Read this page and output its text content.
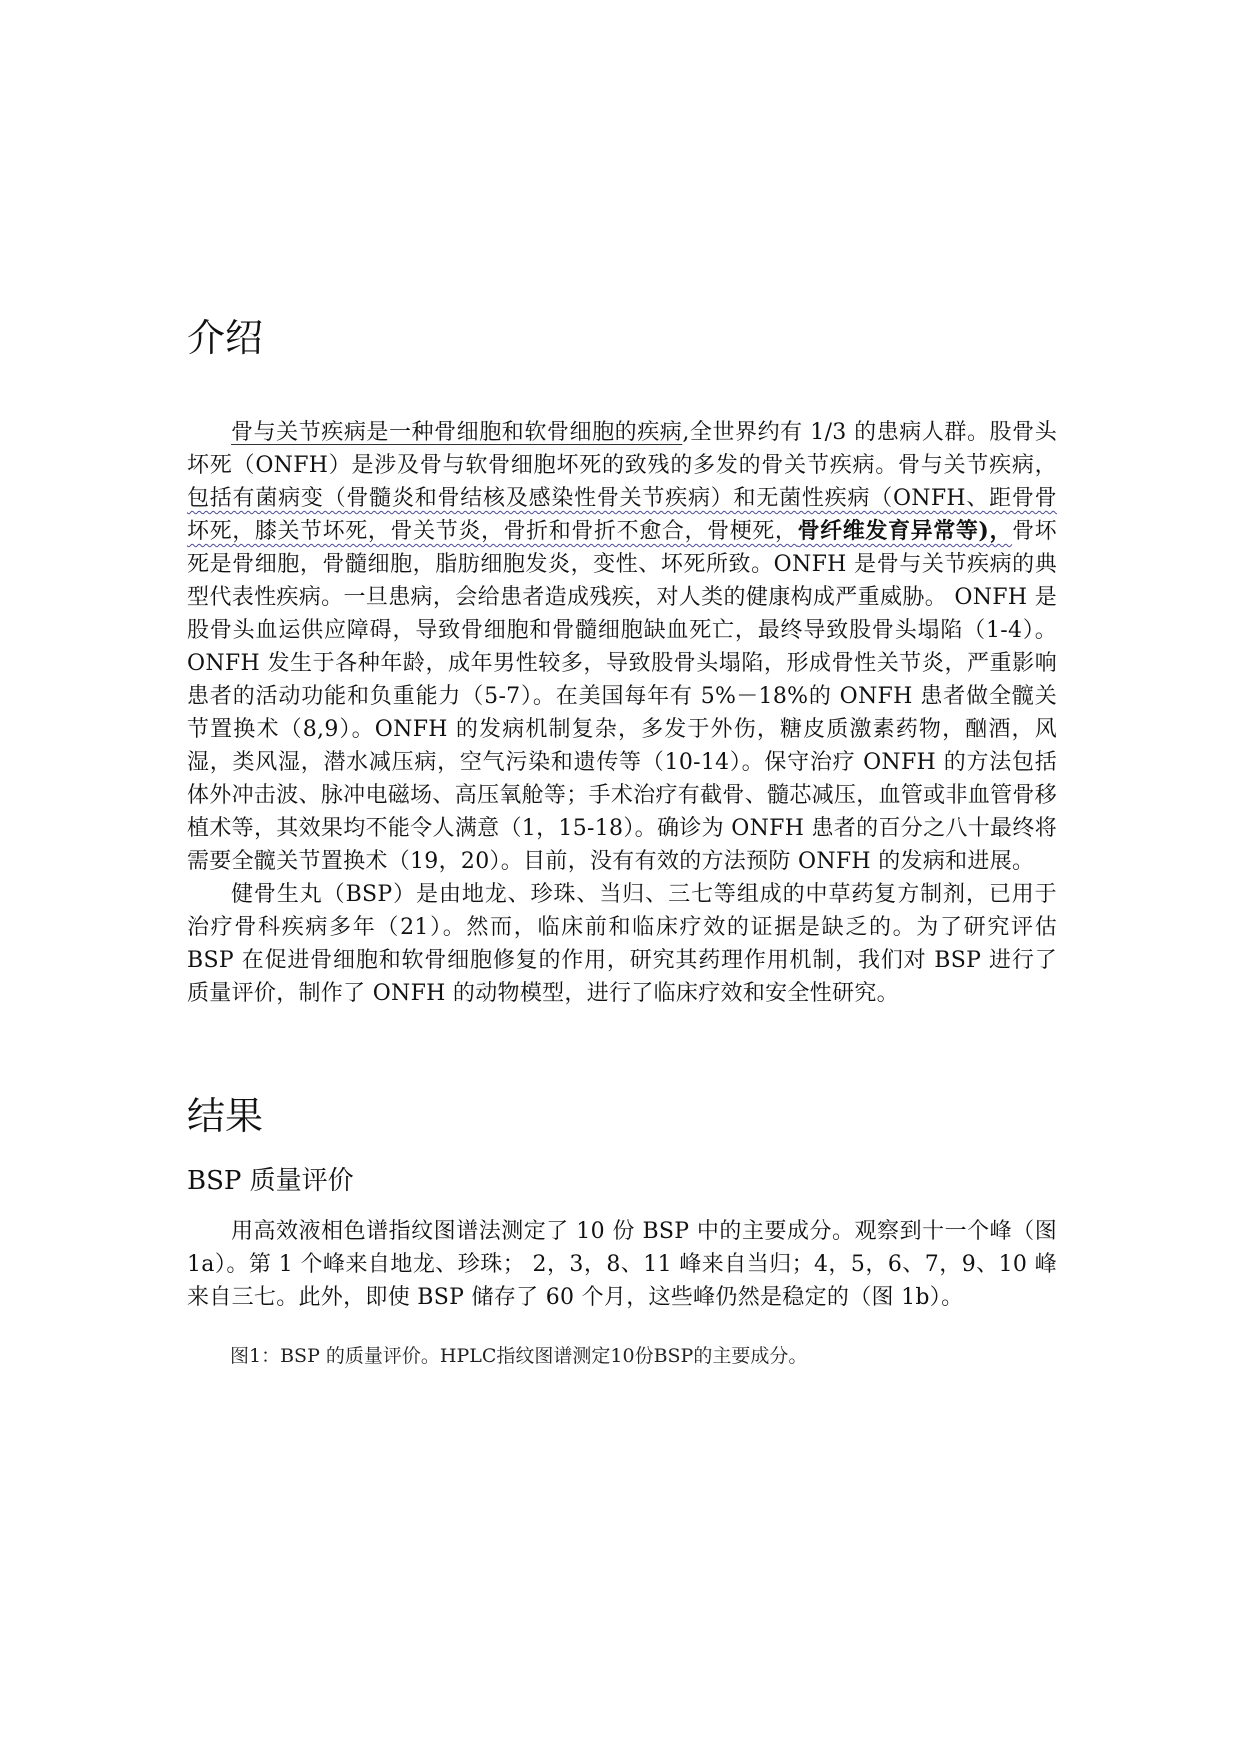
介绍

骨与关节疾病是一种骨细胞和软骨细胞的疾病,全世界约有 1/3 的患病人群。股骨头坏死（ONFH）是涉及骨与软骨细胞坏死的致残的多发的骨关节疾病。骨与关节疾病，包括有菌病变（骨髓炎和骨结核及感染性骨关节疾病）和无菌性疾病（ONFH、距骨骨坏死，膝关节坏死，骨关节炎，骨折和骨折不愈合，骨梗死，骨纤维发育异常等)，骨坏死是骨细胞，骨髓细胞，脂肪细胞发炎，变性、坏死所致。ONFH 是骨与关节疾病的典型代表性疾病。一旦患病，会给患者造成残疾，对人类的健康构成严重威胁。 ONFH 是股骨头血运供应障碍，导致骨细胞和骨髓细胞缺血死亡，最终导致股骨头塌陷（1-4）。 ONFH 发生于各种年龄，成年男性较多，导致股骨头塌陷，形成骨性关节炎，严重影响患者的活动功能和负重能力（5-7）。在美国每年有 5%－18%的 ONFH 患者做全髋关节置换术（8,9）。ONFH 的发病机制复杂，多发于外伤，糖皮质激素药物，酗酒，风湿，类风湿，潜水减压病，空气污染和遗传等（10-14）。保守治疗 ONFH 的方法包括体外冲击波、脉冲电磁场、高压氧舱等；手术治疗有截骨、髓芯减压，血管或非血管骨移植术等，其效果均不能令人满意（1，15-18）。确诊为 ONFH 患者的百分之八十最终将需要全髋关节置换术（19，20）。目前，没有有效的方法预防 ONFH 的发病和进展。

健骨生丸（BSP）是由地龙、珍珠、当归、三七等组成的中草药复方制剂，已用于治疗骨科疾病多年（21）。然而，临床前和临床疗效的证据是缺乏的。为了研究评估 BSP 在促进骨细胞和软骨细胞修复的作用，研究其药理作用机制，我们对 BSP 进行了质量评价，制作了 ONFH 的动物模型，进行了临床疗效和安全性研究。

结果
BSP 质量评价

用高效液相色谱指纹图谱法测定了 10 份 BSP 中的主要成分。观察到十一个峰（图 1a）。第 1 个峰来自地龙、珍珠； 2，3，8、11 峰来自当归；4，5，6、7，9、10 峰来自三七。此外，即使 BSP 储存了 60 个月，这些峰仍然是稳定的（图 1b）。

图1：BSP 的质量评价。HPLC指纹图谱测定10份BSP的主要成分。
